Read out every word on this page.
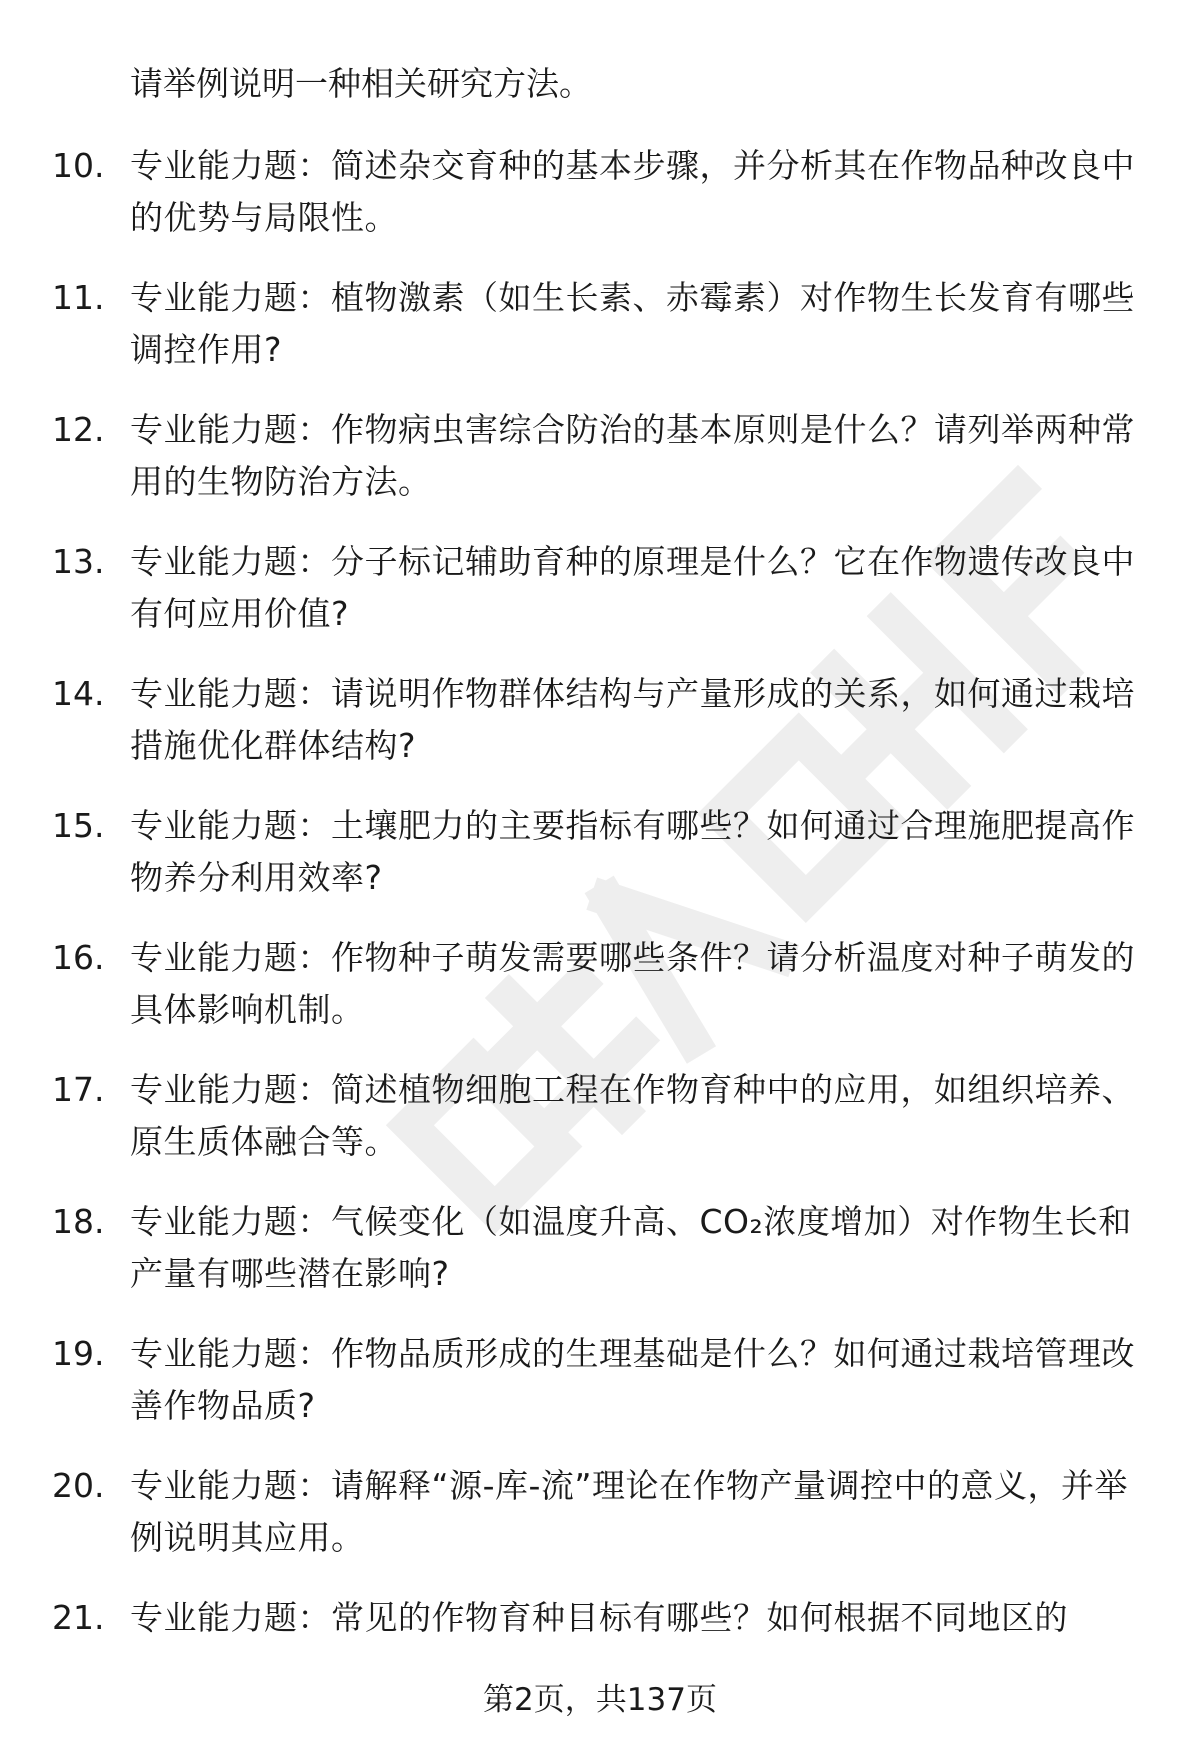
请举例说明一种相关研究方法。
10. 专业能力题：简述杂交育种的基本步骤，并分析其在作物品种改良中的优势与局限性。
11. 专业能力题：植物激素（如生长素、赤霉素）对作物生长发育有哪些调控作用?
12. 专业能力题：作物病虫害综合防治的基本原则是什么？请列举两种常用的生物防治方法。
13. 专业能力题：分子标记辅助育种的原理是什么？它在作物遗传改良中有何应用价值?
14. 专业能力题：请说明作物群体结构与产量形成的关系，如何通过栽培措施优化群体结构?
15. 专业能力题：土壤肥力的主要指标有哪些？如何通过合理施肥提高作物养分利用效率?
16. 专业能力题：作物种子萌发需要哪些条件？请分析温度对种子萌发的具体影响机制。
17. 专业能力题：简述植物细胞工程在作物育种中的应用，如组织培养、原生质体融合等。
18. 专业能力题：气候变化（如温度升高、CO₂浓度增加）对作物生长和产量有哪些潜在影响?
19. 专业能力题：作物品质形成的生理基础是什么？如何通过栽培管理改善作物品质?
20. 专业能力题：请解释“源-库-流”理论在作物产量调控中的意义，并举例说明其应用。
21. 专业能力题：常见的作物育种目标有哪些？如何根据不同地区的
第2页，共137页
